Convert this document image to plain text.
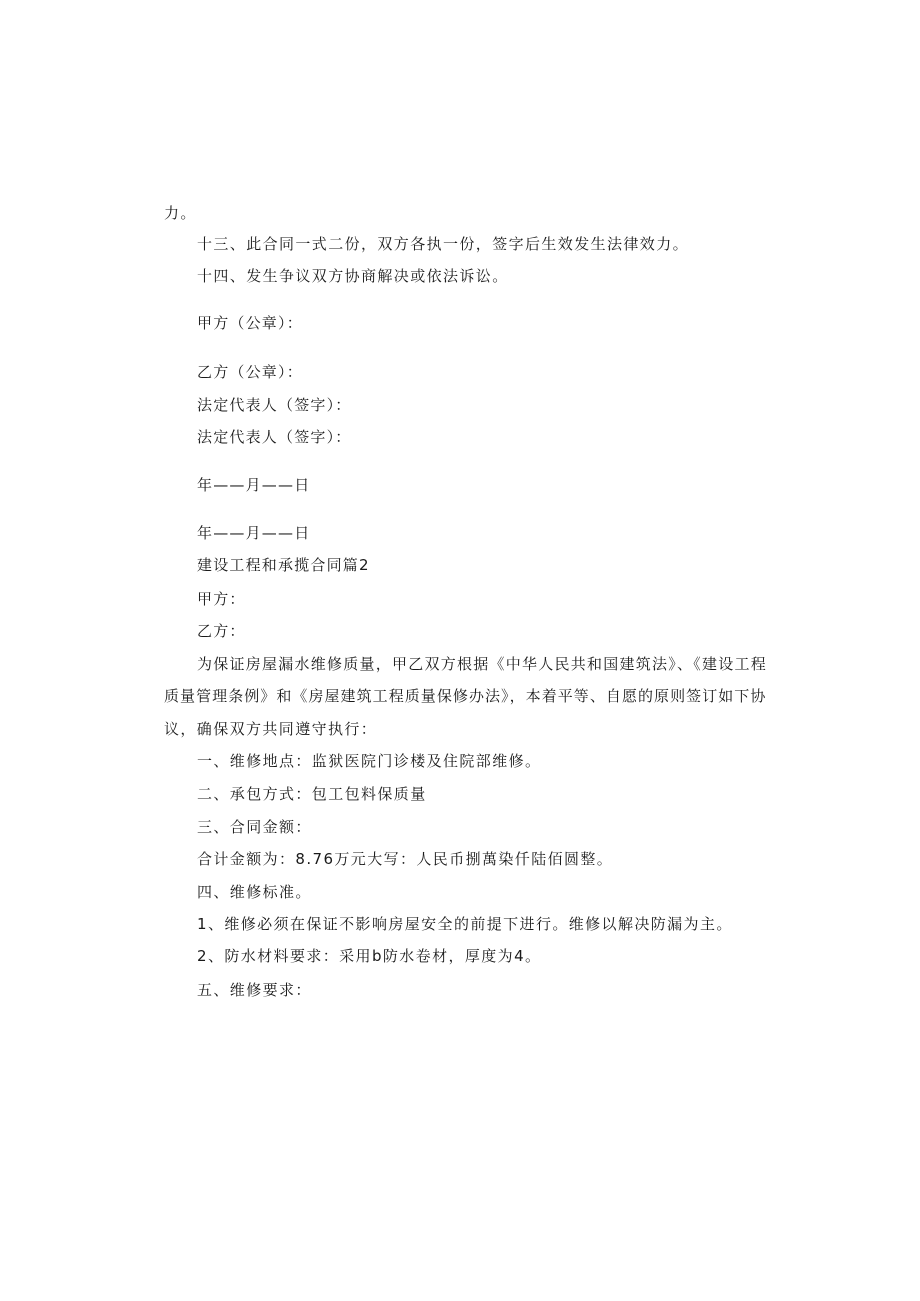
力。
十三、此合同一式二份，双方各执一份，签字后生效发生法律效力。
十四、发生争议双方协商解决或依法诉讼。
甲方（公章）：
乙方（公章）：
法定代表人（签字）：
法定代表人（签字）：
年——月——日
年——月——日
建设工程和承揽合同篇2
甲方：
乙方：
为保证房屋漏水维修质量，甲乙双方根据《中华人民共和国建筑法》、《建设工程
质量管理条例》和《房屋建筑工程质量保修办法》，本着平等、自愿的原则签订如下协
议，确保双方共同遵守执行：
一、维修地点：监狱医院门诊楼及住院部维修。
二、承包方式：包工包料保质量
三、合同金额：
合计金额为：8.76万元大写：人民币捌萬染仟陆佰圆整。
四、维修标准。
1、维修必须在保证不影响房屋安全的前提下进行。维修以解决防漏为主。
2、防水材料要求：采用b防水卷材，厚度为4。
五、维修要求：
